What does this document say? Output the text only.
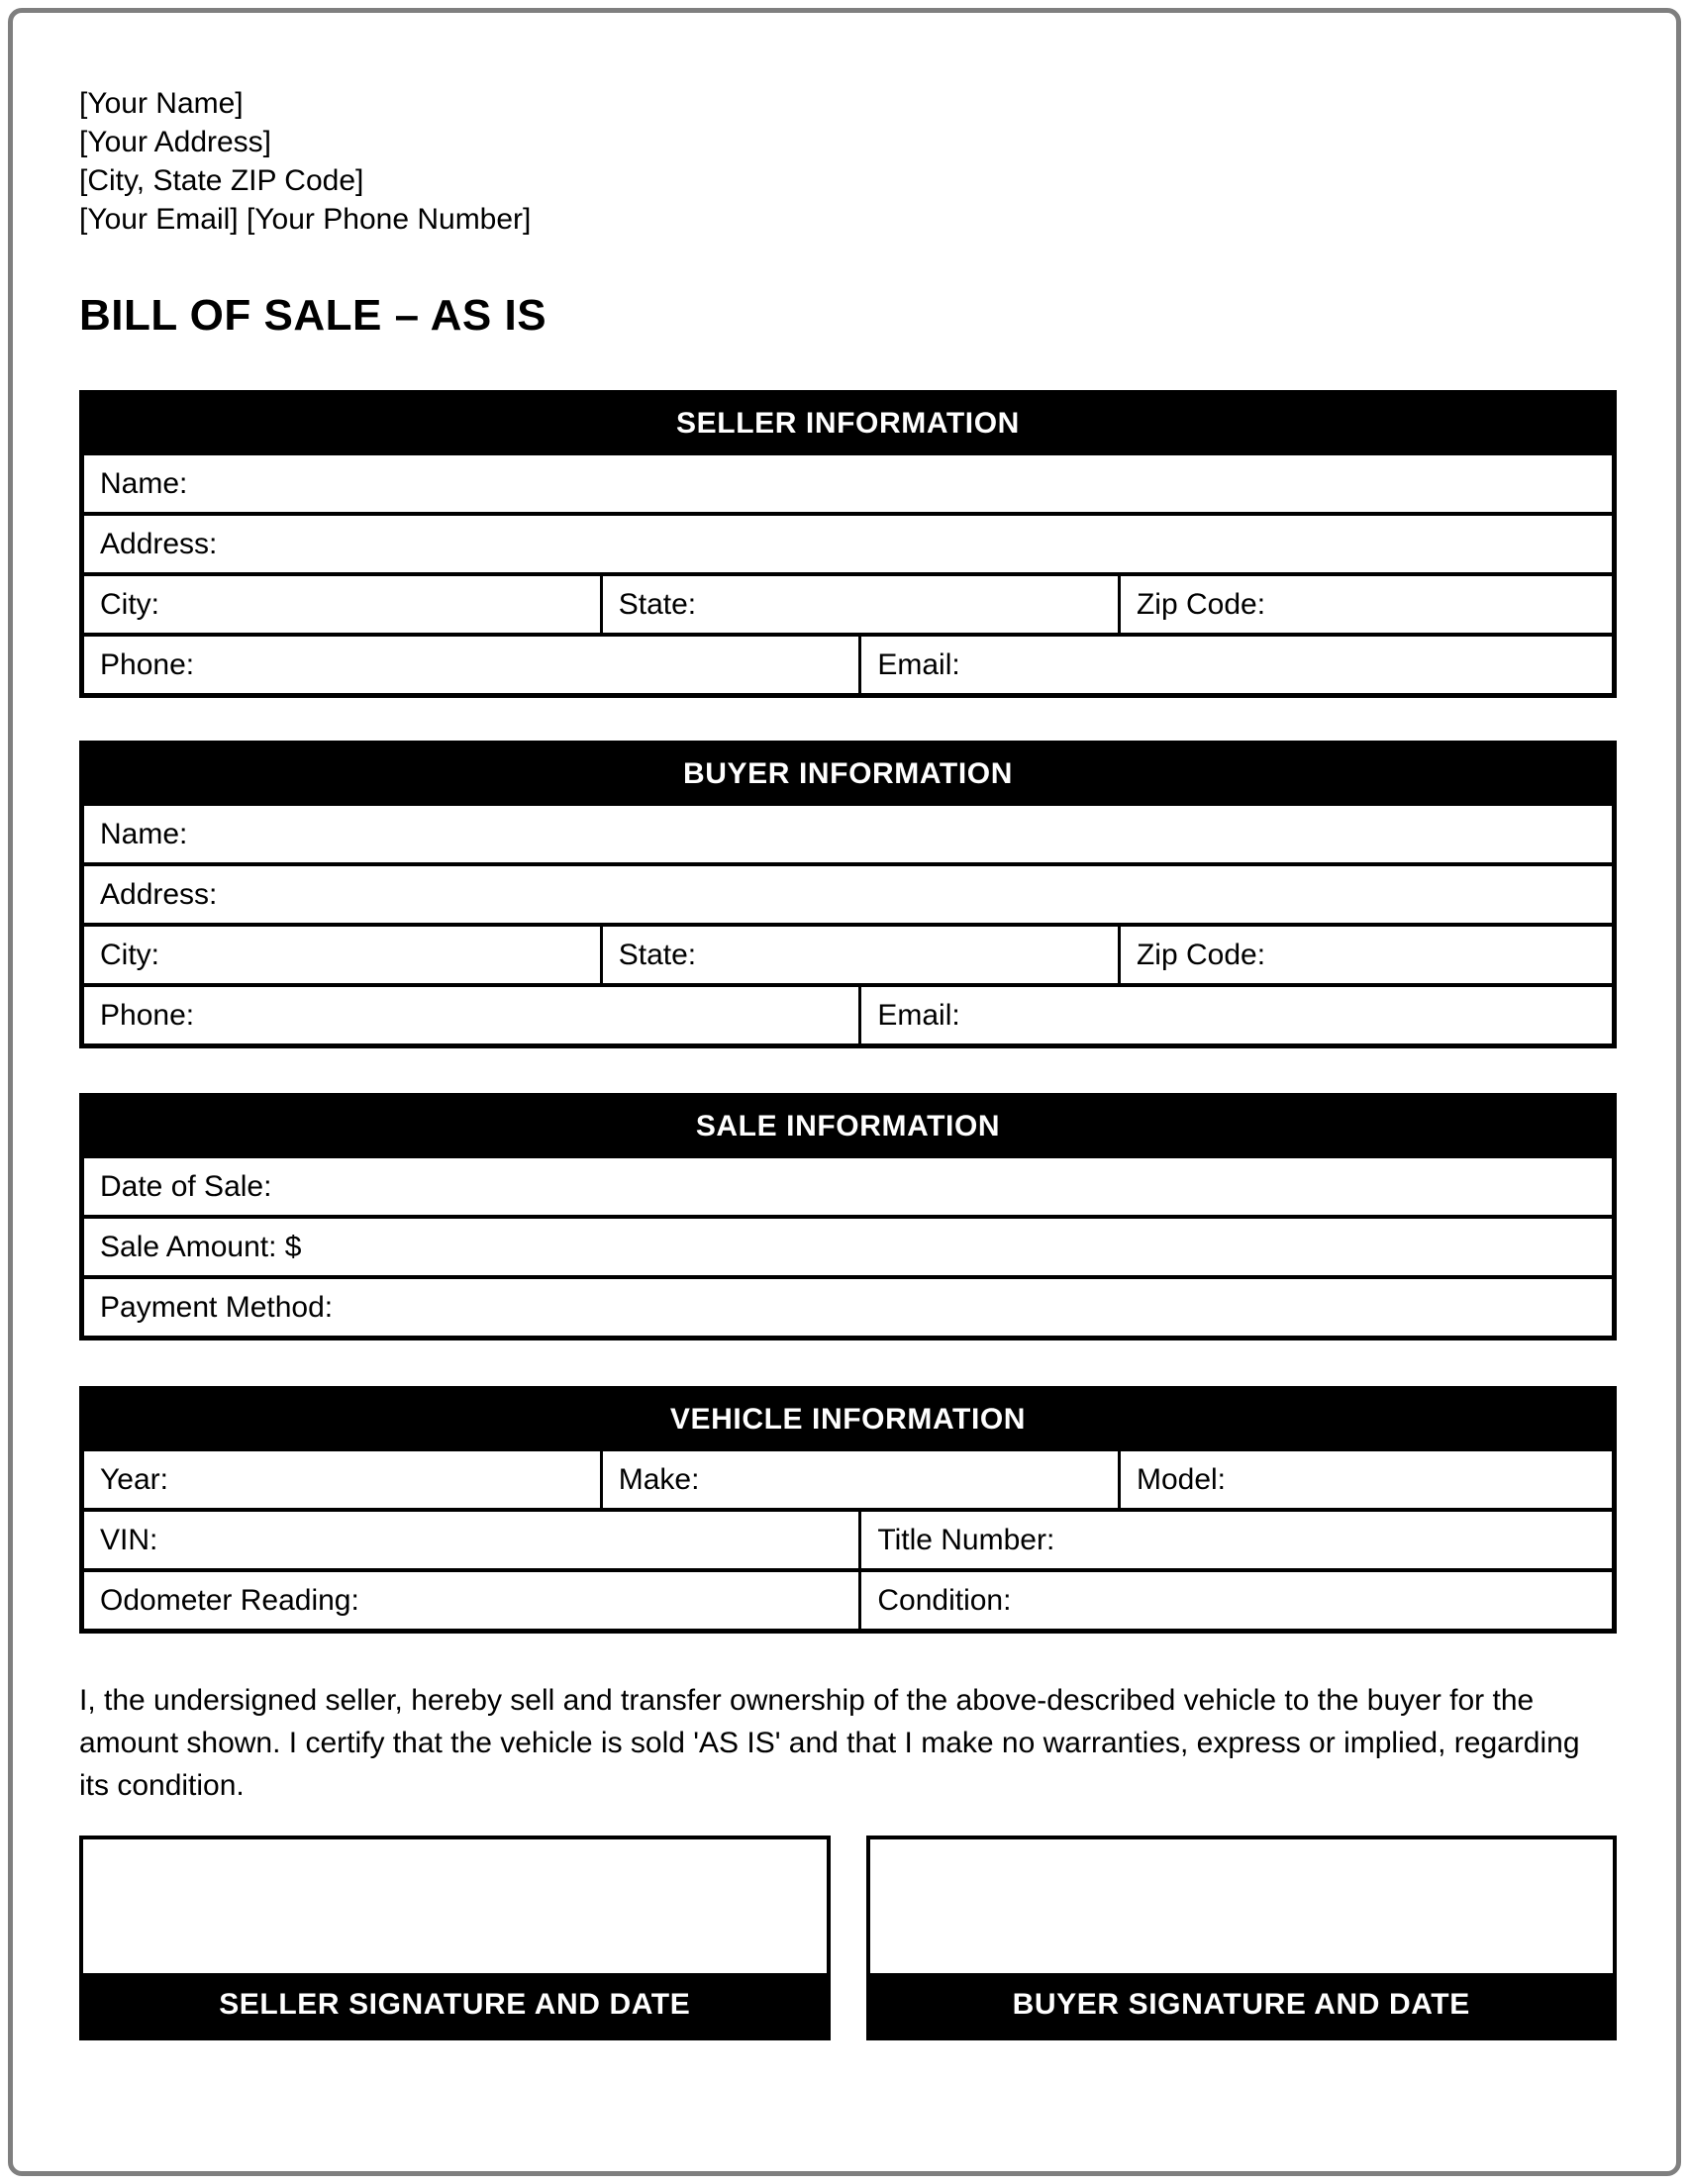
[Your Name]
[Your Address]
[City, State ZIP Code]
[Your Email] [Your Phone Number]
BILL OF SALE – AS IS
SELLER INFORMATION			
Name:			
Address:			
City:	State:		Zip Code:
Phone:		Email:	
BUYER INFORMATION			
Name:			
Address:			
City:	State:		Zip Code:
Phone:		Email:	
SALE INFORMATION
Date of Sale:
Sale Amount: $
Payment Method:
VEHICLE INFORMATION			
Year:	Make:		Model:
VIN:		Title Number:	
Odometer Reading:		Condition:	

I, the undersigned seller, hereby sell and transfer ownership of the above-described vehicle to the buyer for the amount shown. I certify that the vehicle is sold 'AS IS' and that I make no warranties, express or implied, regarding its condition.

SELLER SIGNATURE AND DATE	BUYER SIGNATURE AND DATE
